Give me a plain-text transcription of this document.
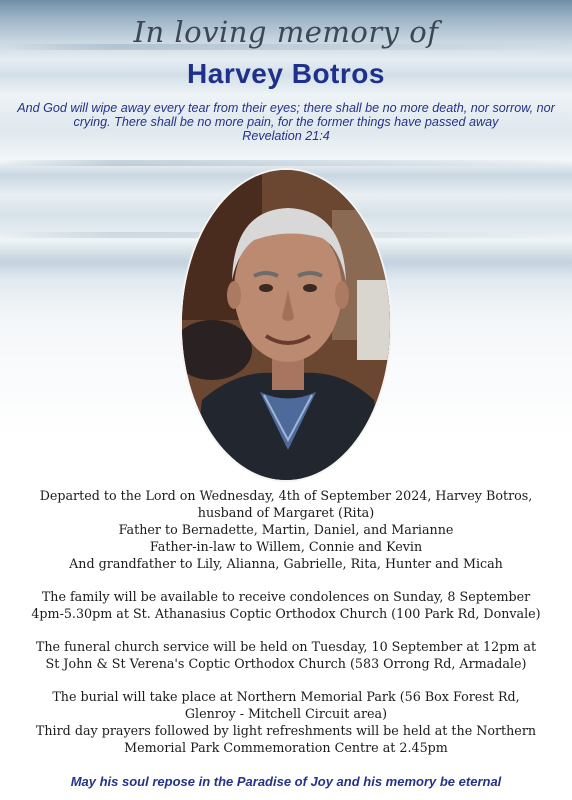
In loving memory of
Harvey Botros
And God will wipe away every tear from their eyes; there shall be no more death, nor sorrow, nor crying. There shall be no more pain, for the former things have passed away
Revelation 21:4
Departed to the Lord on Wednesday, 4th of September 2024, Harvey Botros,
husband of Margaret (Rita)
Father to Bernadette, Martin, Daniel, and Marianne
Father-in-law to Willem, Connie and Kevin
And grandfather to Lily, Alianna, Gabrielle, Rita, Hunter and Micah
The family will be available to receive condolences on Sunday, 8 September
4pm-5.30pm at St. Athanasius Coptic Orthodox Church (100 Park Rd, Donvale)
The funeral church service will be held on Tuesday, 10 September at 12pm at
St John & St Verena's Coptic Orthodox Church (583 Orrong Rd, Armadale)
The burial will take place at Northern Memorial Park (56 Box Forest Rd,
Glenroy - Mitchell Circuit area)
Third day prayers followed by light refreshments will be held at the Northern
Memorial Park Commemoration Centre at 2.45pm
May his soul repose in the Paradise of Joy and his memory be eternal
